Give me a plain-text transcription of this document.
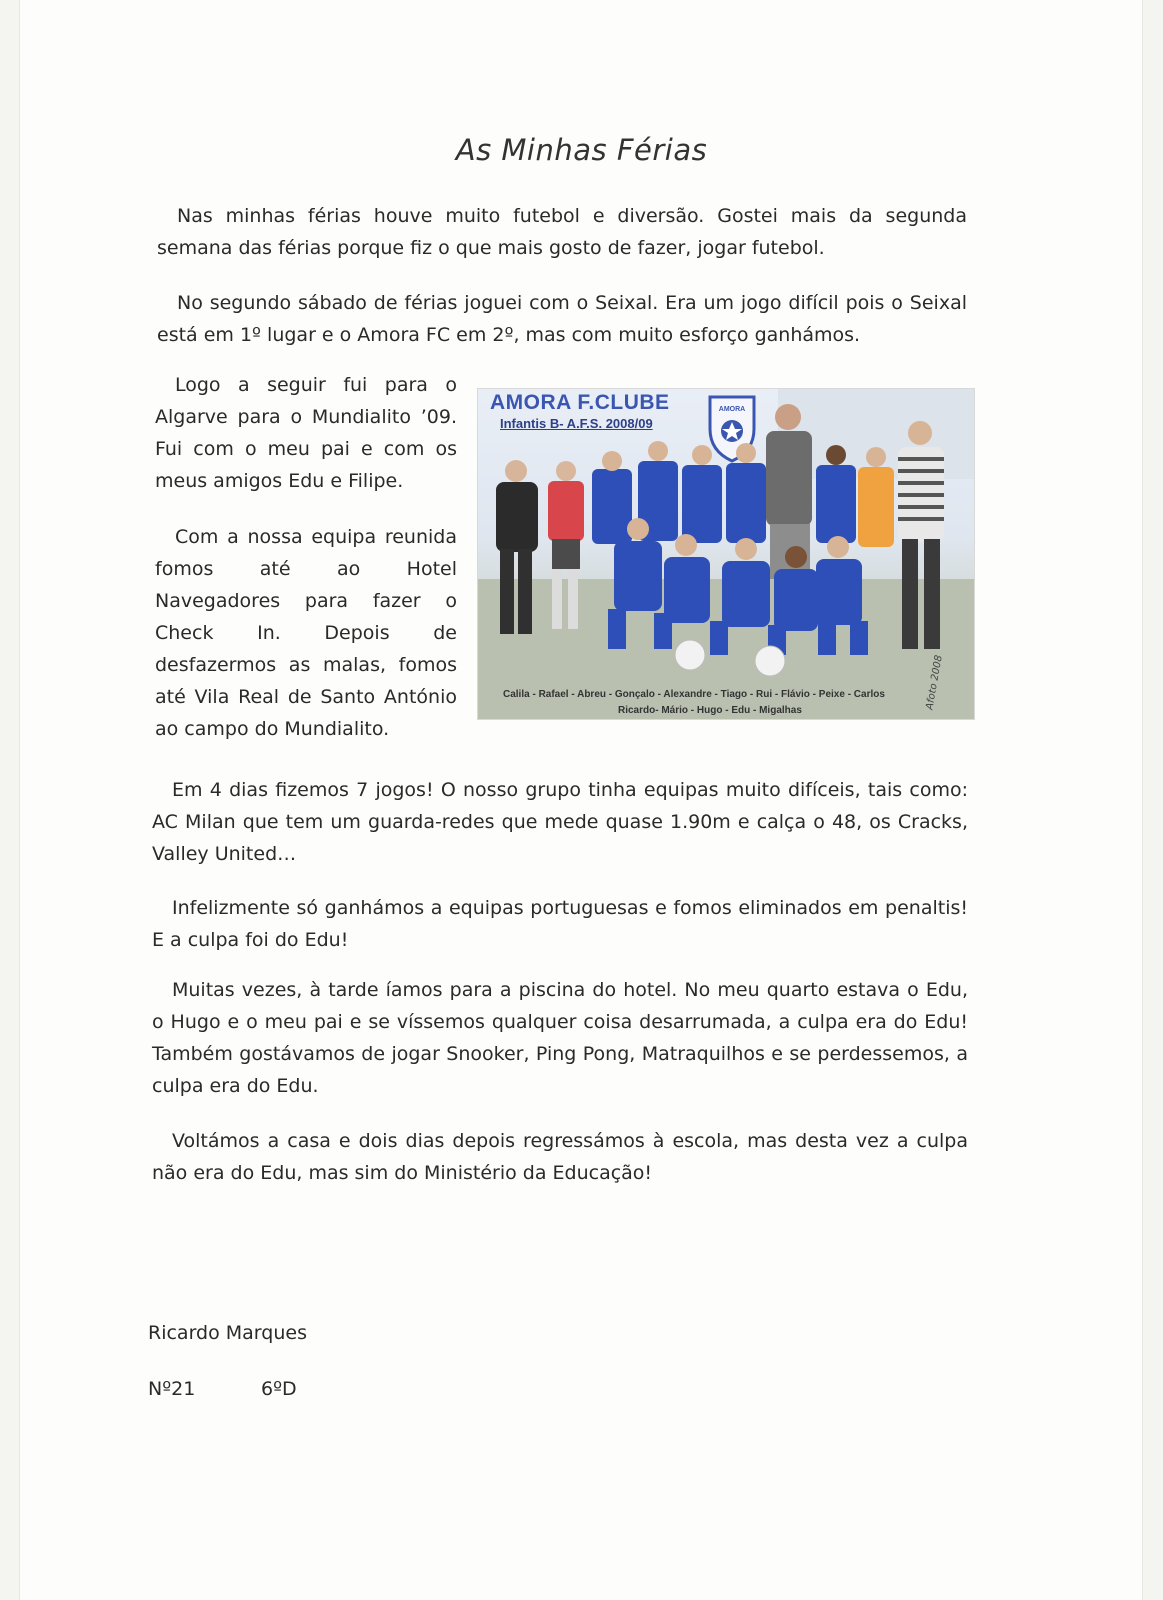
As Minhas Férias

Nas minhas férias houve muito futebol e diversão. Gostei mais da segunda semana das férias porque fiz o que mais gosto de fazer, jogar futebol.

No segundo sábado de férias joguei com o Seixal. Era um jogo difícil pois o Seixal está em 1º lugar e o Amora FC em 2º, mas com muito esforço ganhámos.

Logo a seguir fui para o Algarve para o Mundialito ’09. Fui com o meu pai e com os meus amigos Edu e Filipe.

Com a nossa equipa reunida fomos até ao Hotel Navegadores para fazer o Check In. Depois de desfazermos as malas, fomos até Vila Real de Santo António ao campo do Mundialito.

Em 4 dias fizemos 7 jogos! O nosso grupo tinha equipas muito difíceis, tais como: AC Milan que tem um guarda-redes que mede quase 1.90m e calça o 48, os Cracks, Valley United…

Infelizmente só ganhámos a equipas portuguesas e fomos eliminados em penaltis! E a culpa foi do Edu!

Muitas vezes, à tarde íamos para a piscina do hotel. No meu quarto estava o Edu, o Hugo e o meu pai e se víssemos qualquer coisa desarrumada, a culpa era do Edu! Também gostávamos de jogar Snooker, Ping Pong, Matraquilhos e se perdessemos, a culpa era do Edu.

Voltámos a casa e dois dias depois regressámos à escola, mas desta vez a culpa não era do Edu, mas sim do Ministério da Educação!

AMORA F.CLUBE
Infantis B- A.F.S. 2008/09
AMORA
Calila - Rafael - Abreu - Gonçalo - Alexandre - Tiago - Rui - Flávio - Peixe - Carlos
Ricardo- Mário - Hugo - Edu - Migalhas	Afoto 2008
Ricardo Marques
Nº21	6ºD
